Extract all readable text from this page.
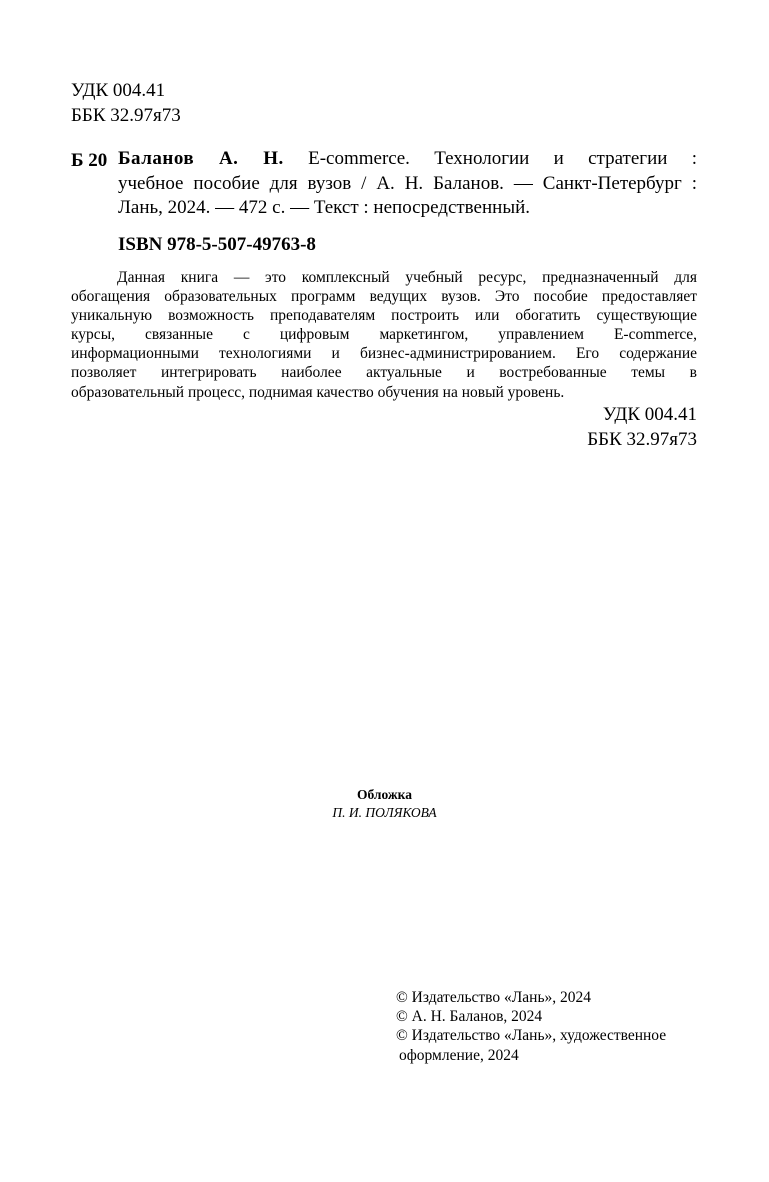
УДК 004.41
ББК 32.97я73
Б 20 Баланов А. Н. E-commerce. Технологии и стратегии :
учебное пособие для вузов / А. Н. Баланов. — Санкт-Петербург :
Лань, 2024. — 472 с. — Текст : непосредственный.
ISBN 978-5-507-49763-8
Данная книга — это комплексный учебный ресурс, предназначенный для
обогащения образовательных программ ведущих вузов. Это пособие предоставляет
уникальную возможность преподавателям построить или обогатить существующие
курсы, связанные с цифровым маркетингом, управлением E-commerce,
информационными технологиями и бизнес-администрированием. Его содержание
позволяет интегрировать наиболее актуальные и востребованные темы в
образовательный процесс, поднимая качество обучения на новый уровень.
УДК 004.41
ББК 32.97я73
Обложка
П. И. ПОЛЯКОВА
© Издательство «Лань», 2024
© А. Н. Баланов, 2024
© Издательство «Лань», художественное
оформление, 2024
